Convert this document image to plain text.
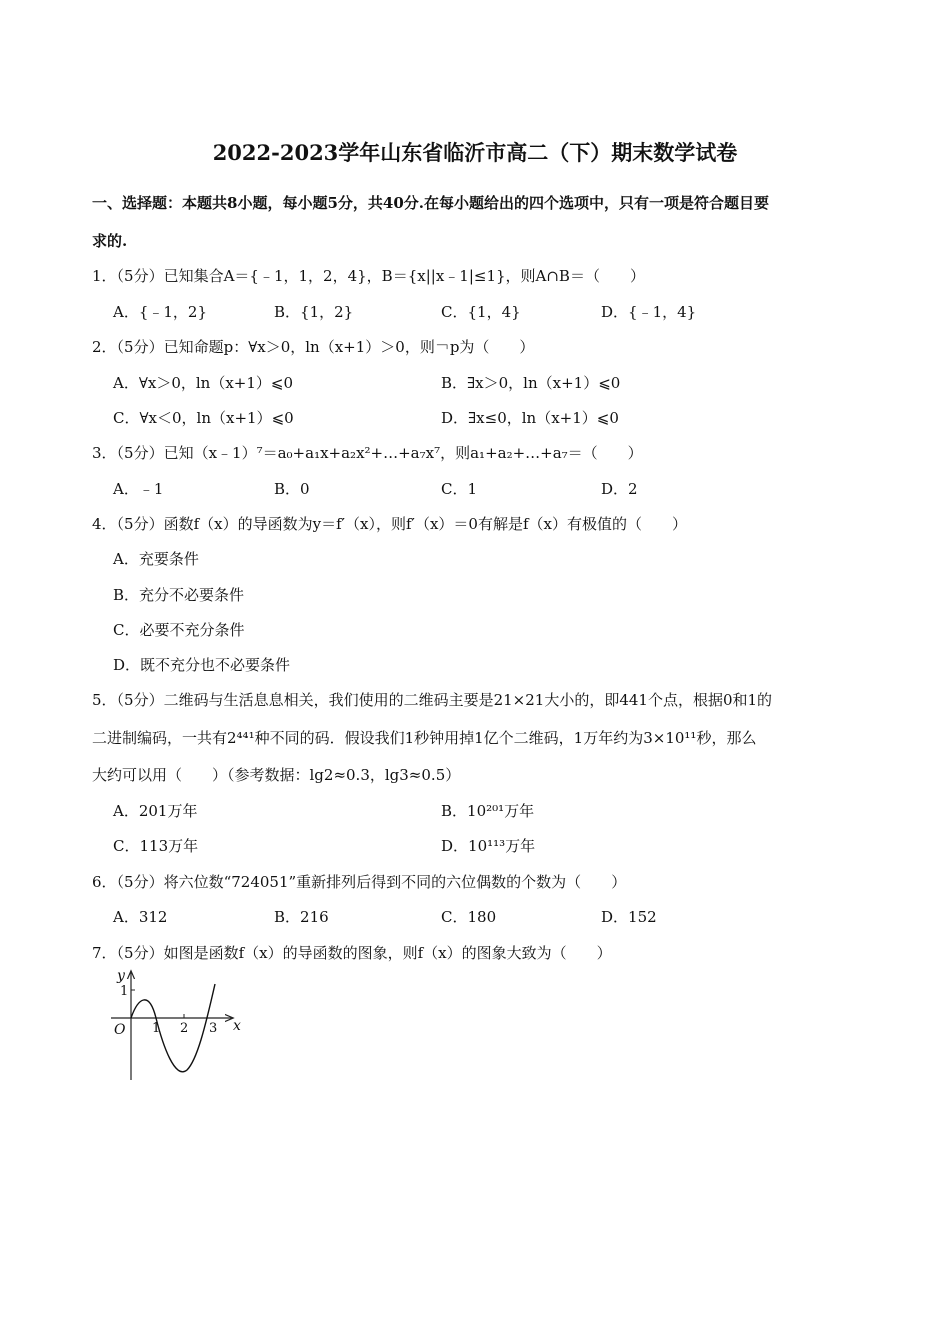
2022-2023学年山东省临沂市高二（下）期末数学试卷
一、选择题：本题共8小题，每小题5分，共40分.在每小题给出的四个选项中，只有一项是符合题目要
求的.
1．（5分）已知集合A＝{﹣1，1，2，4}，B＝{x||x﹣1|≤1}，则A∩B＝（　　）
A．{﹣1，2}	B．{1，2}	C．{1，4}	D．{﹣1，4}
2．（5分）已知命题p：∀x＞0，ln（x+1）＞0，则￢p为（　　）
A．∀x＞0，ln（x+1）⩽0	B．∃x＞0，ln（x+1）⩽0
C．∀x＜0，ln（x+1）⩽0	D．∃x≤0，ln（x+1）⩽0
3．（5分）已知（x﹣1）⁷＝a₀+a₁x+a₂x²+…+a₇x⁷，则a₁+a₂+…+a₇＝（　　）
A．﹣1	B．0	C．1	D．2
4．（5分）函数f（x）的导函数为y＝f′（x），则f′（x）＝0有解是f（x）有极值的（　　）
A．充要条件
B．充分不必要条件
C．必要不充分条件
D．既不充分也不必要条件
5．（5分）二维码与生活息息相关，我们使用的二维码主要是21×21大小的，即441个点，根据0和1的
二进制编码，一共有2⁴⁴¹种不同的码．假设我们1秒钟用掉1亿个二维码，1万年约为3×10¹¹秒，那么
大约可以用（　　）（参考数据：lg2≈0.3，lg3≈0.5）
A．201万年	B．10²⁰¹万年
C．113万年	D．10¹¹³万年
6．（5分）将六位数“724051”重新排列后得到不同的六位偶数的个数为（　　）
A．312	B．216	C．180	D．152
7．（5分）如图是函数f（x）的导函数的图象，则f（x）的图象大致为（　　）
y
1
O 1 2 3 x
